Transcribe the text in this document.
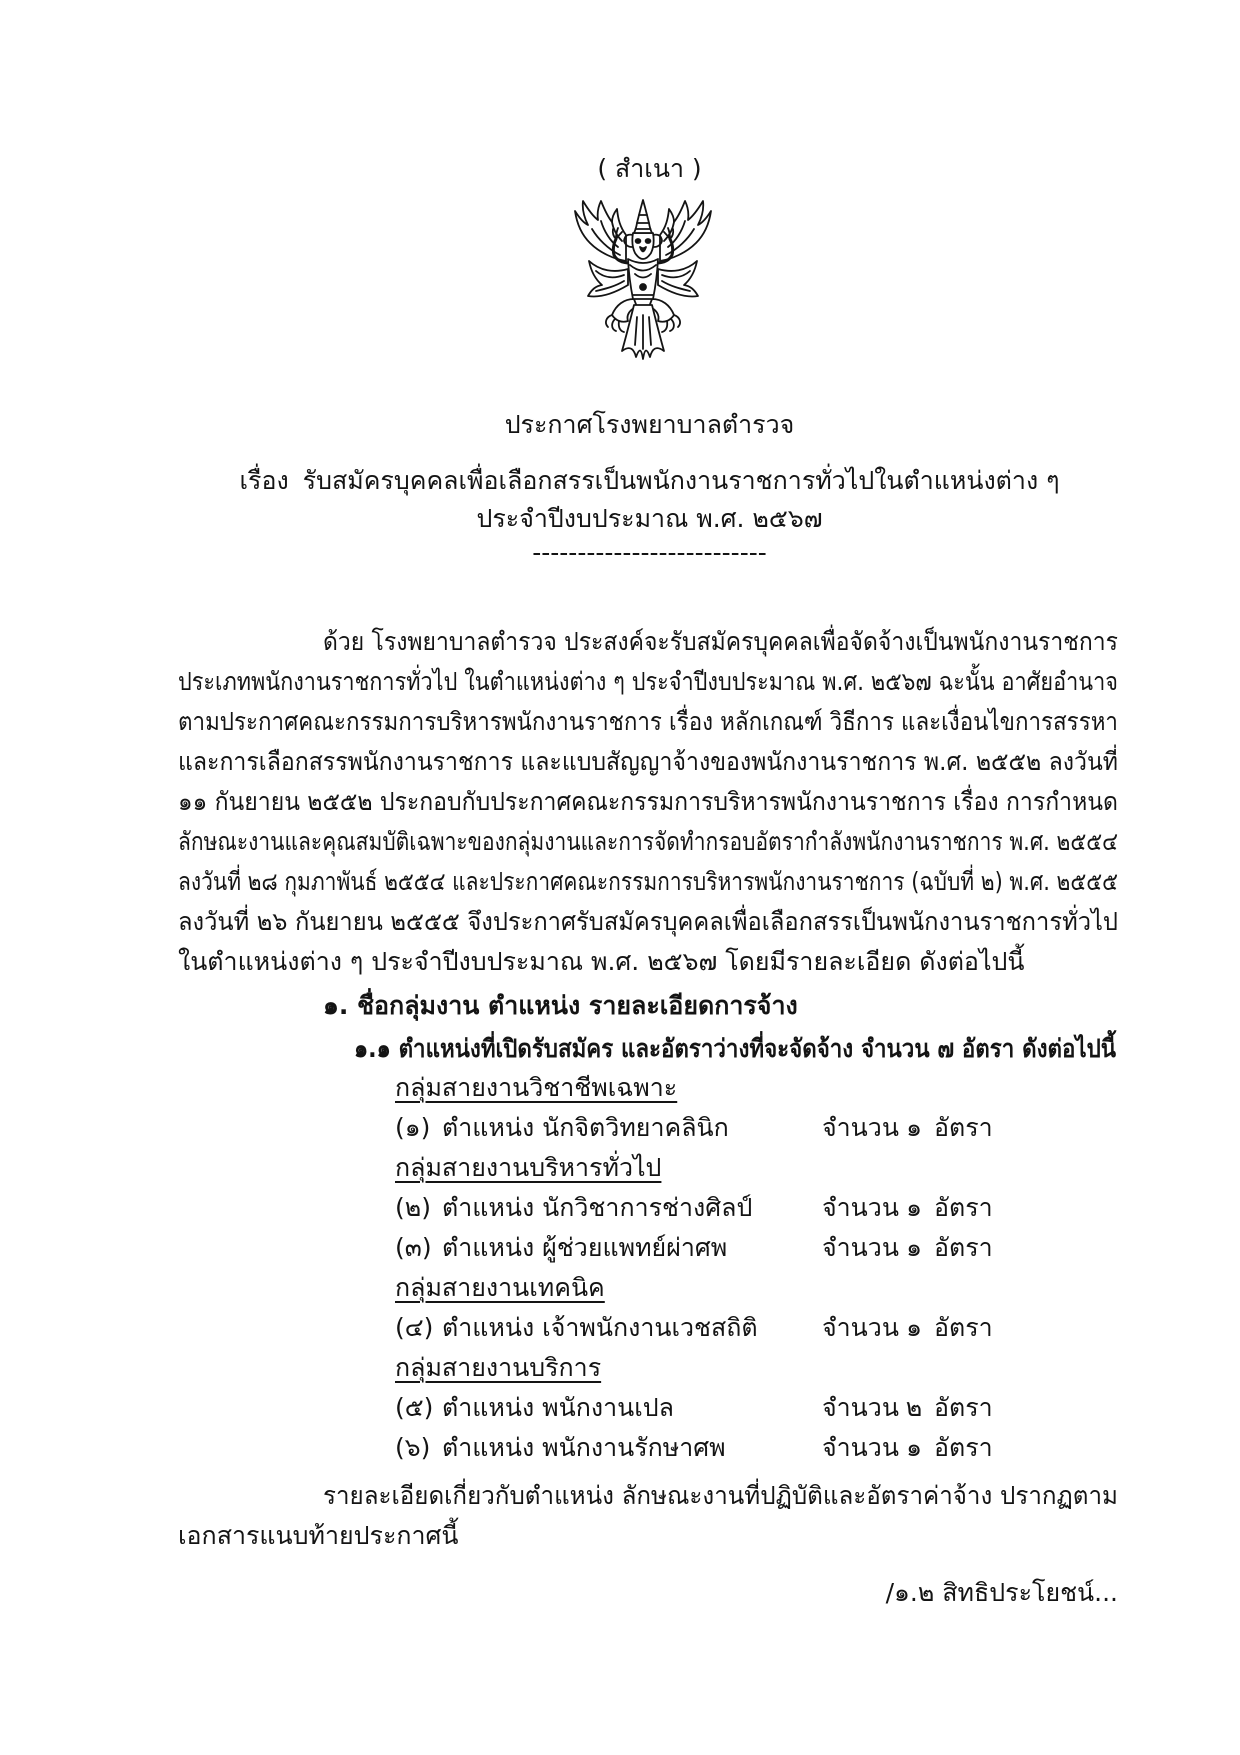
( สำเนา )
ประกาศโรงพยาบาลตำรวจ
เรื่อง รับสมัครบุคคลเพื่อเลือกสรรเป็นพนักงานราชการทั่วไปในตำแหน่งต่าง ๆ
ประจำปีงบประมาณ พ.ศ. ๒๕๖๗
--------------------------
ด้วย โรงพยาบาลตำรวจ ประสงค์จะรับสมัครบุคคลเพื่อจัดจ้างเป็นพนักงานราชการ
ประเภทพนักงานราชการทั่วไป ในตำแหน่งต่าง ๆ ประจำปีงบประมาณ พ.ศ. ๒๕๖๗ ฉะนั้น อาศัยอำนาจ
ตามประกาศคณะกรรมการบริหารพนักงานราชการ เรื่อง หลักเกณฑ์ วิธีการ และเงื่อนไขการสรรหา
และการเลือกสรรพนักงานราชการ และแบบสัญญาจ้างของพนักงานราชการ พ.ศ. ๒๕๕๒ ลงวันที่
๑๑ กันยายน ๒๕๕๒ ประกอบกับประกาศคณะกรรมการบริหารพนักงานราชการ เรื่อง การกำหนด
ลักษณะงานและคุณสมบัติเฉพาะของกลุ่มงานและการจัดทำกรอบอัตรากำลังพนักงานราชการ พ.ศ. ๒๕๕๔
ลงวันที่ ๒๘ กุมภาพันธ์ ๒๕๕๔ และประกาศคณะกรรมการบริหารพนักงานราชการ (ฉบับที่ ๒) พ.ศ. ๒๕๕๕
ลงวันที่ ๒๖ กันยายน ๒๕๕๕ จึงประกาศรับสมัครบุคคลเพื่อเลือกสรรเป็นพนักงานราชการทั่วไป
ในตำแหน่งต่าง ๆ ประจำปีงบประมาณ พ.ศ. ๒๕๖๗ โดยมีรายละเอียด ดังต่อไปนี้
๑. ชื่อกลุ่มงาน ตำแหน่ง รายละเอียดการจ้าง
๑.๑ ตำแหน่งที่เปิดรับสมัคร และอัตราว่างที่จะจัดจ้าง จำนวน ๗ อัตรา ดังต่อไปนี้
กลุ่มสายงานวิชาชีพเฉพาะ
(๑) ตำแหน่ง นักจิตวิทยาคลินิก	จำนวน ๑ อัตรา
กลุ่มสายงานบริหารทั่วไป
(๒) ตำแหน่ง นักวิชาการช่างศิลป์	จำนวน ๑ อัตรา
(๓) ตำแหน่ง ผู้ช่วยแพทย์ผ่าศพ	จำนวน ๑ อัตรา
กลุ่มสายงานเทคนิค
(๔) ตำแหน่ง เจ้าพนักงานเวชสถิติ	จำนวน ๑ อัตรา
กลุ่มสายงานบริการ
(๕) ตำแหน่ง พนักงานเปล	จำนวน ๒ อัตรา
(๖) ตำแหน่ง พนักงานรักษาศพ	จำนวน ๑ อัตรา
รายละเอียดเกี่ยวกับตำแหน่ง ลักษณะงานที่ปฏิบัติและอัตราค่าจ้าง ปรากฏตาม
เอกสารแนบท้ายประกาศนี้
/๑.๒ สิทธิประโยชน์...
